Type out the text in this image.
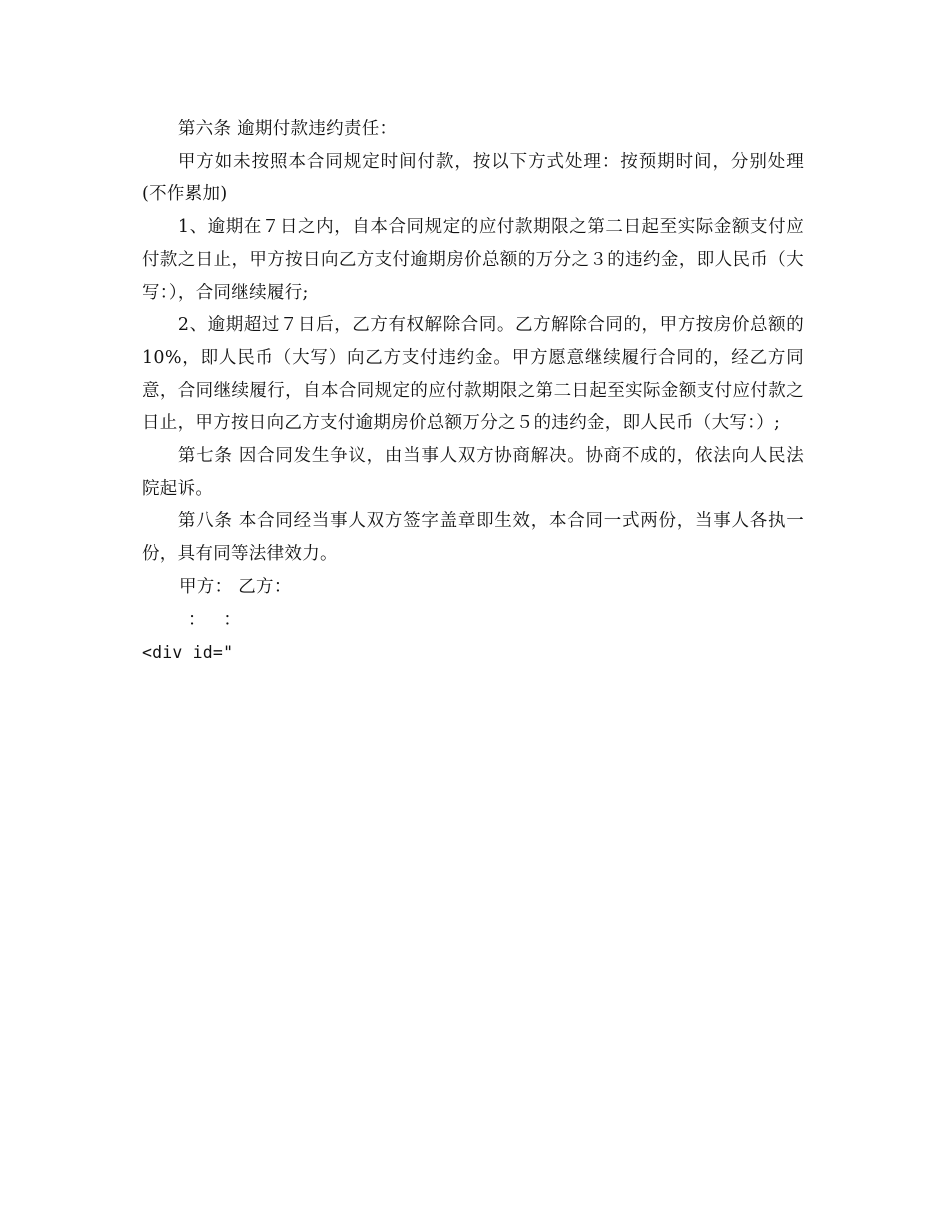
第六条 逾期付款违约责任：

甲方如未按照本合同规定时间付款，按以下方式处理：按预期时间，分别处理(不作累加)

1、逾期在７日之内，自本合同规定的应付款期限之第二日起至实际金额支付应付款之日止，甲方按日向乙方支付逾期房价总额的万分之３的违约金，即人民币（大写：），合同继续履行;

2、逾期超过７日后，乙方有权解除合同。乙方解除合同的，甲方按房价总额的10%，即人民币（大写）向乙方支付违约金。甲方愿意继续履行合同的，经乙方同意，合同继续履行，自本合同规定的应付款期限之第二日起至实际金额支付应付款之日止，甲方按日向乙方支付逾期房价总额万分之５的违约金，即人民币（大写：）;

第七条 因合同发生争议，由当事人双方协商解决。协商不成的，依法向人民法院起诉。

第八条 本合同经当事人双方签字盖章即生效，本合同一式两份，当事人各执一份，具有同等法律效力。

甲方： 乙方：

：   ：

<div id="
